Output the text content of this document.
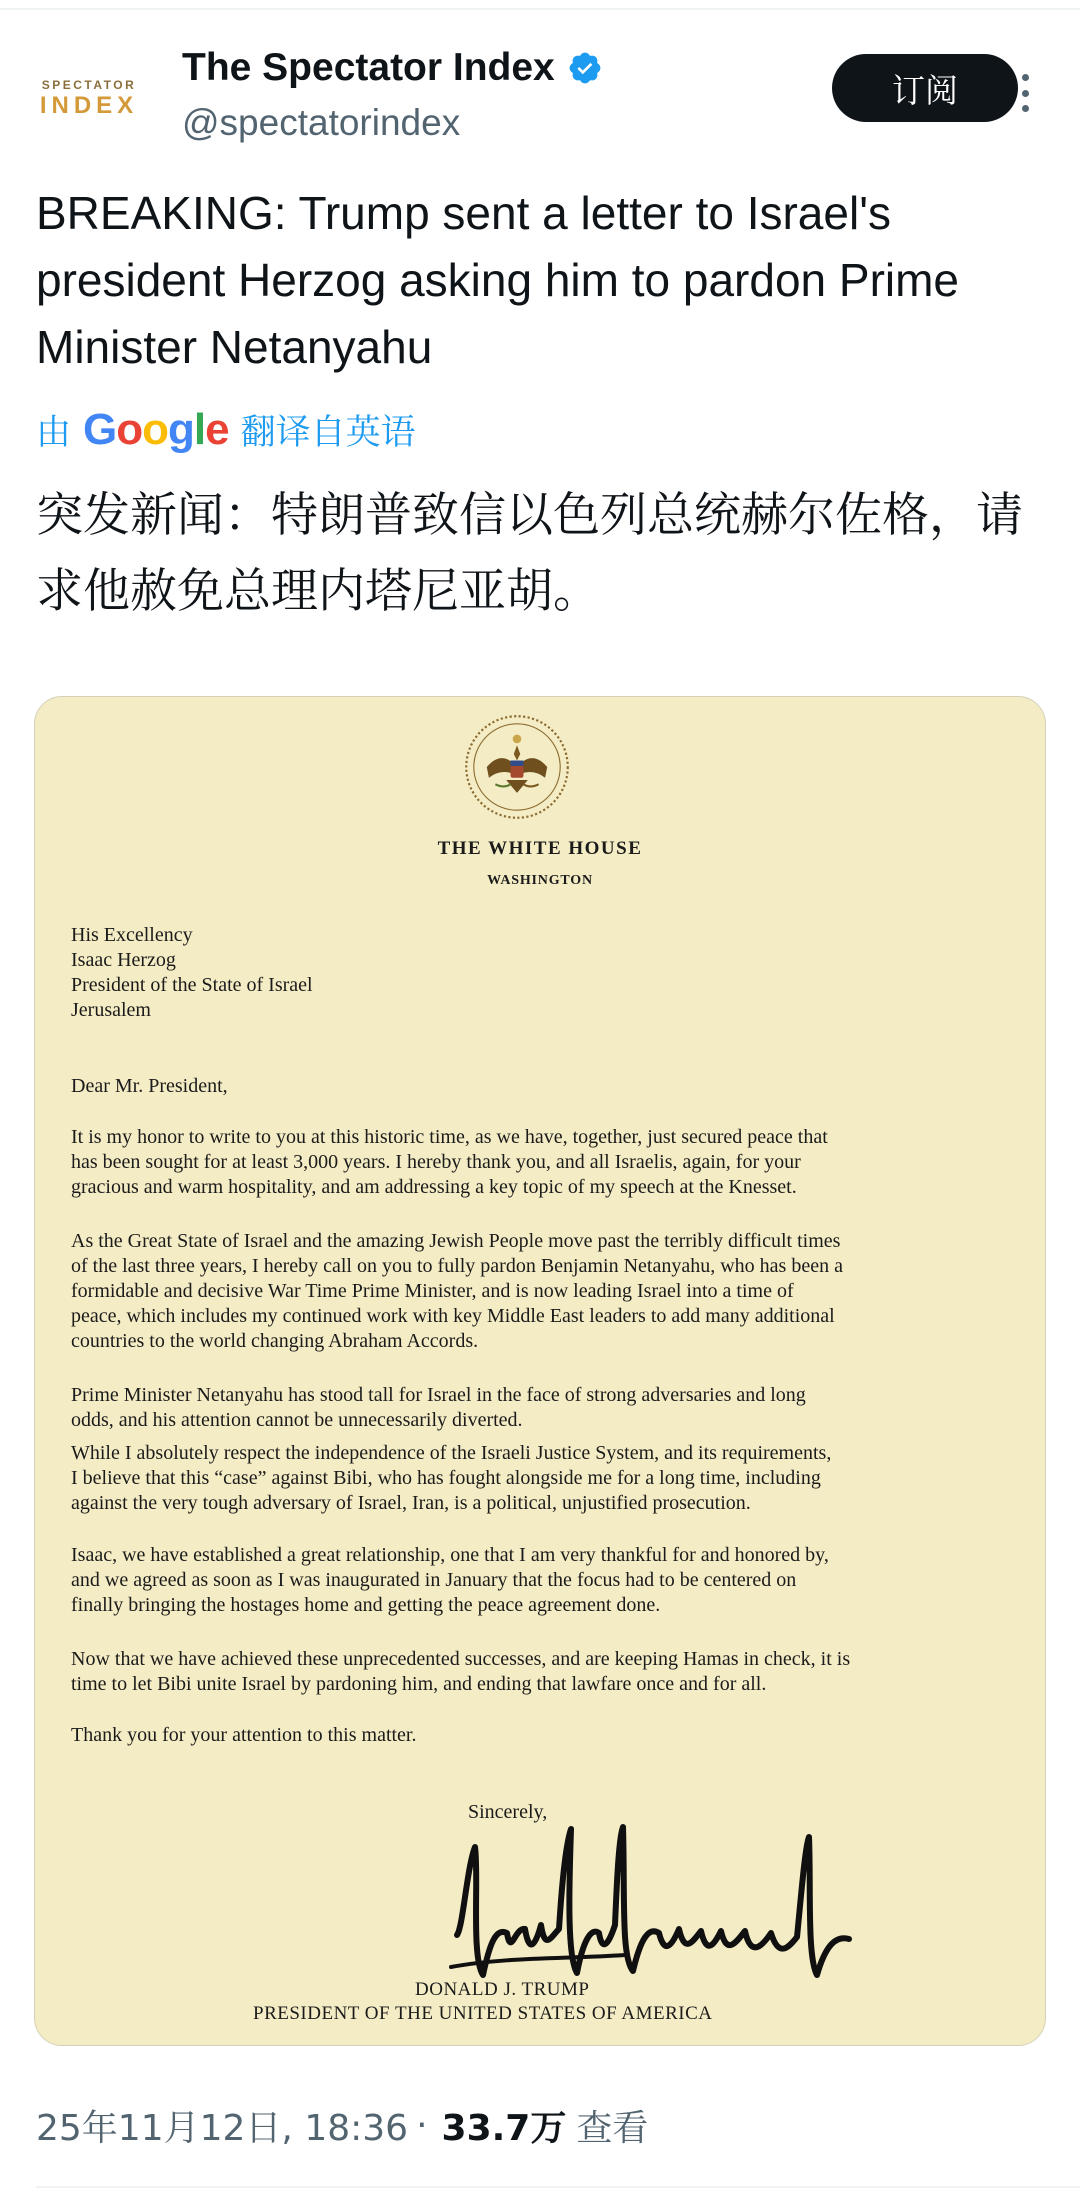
SPECTATOR
INDEX
The Spectator Index
@spectatorindex
订阅
BREAKING: Trump sent a letter to Israel's president Herzog asking him to pardon Prime Minister Netanyahu
由 Google 翻译自英语
突发新闻：特朗普致信以色列总统赫尔佐格，请求他赦免总理内塔尼亚胡。
THE WHITE HOUSE
WASHINGTON
His Excellency
Isaac Herzog
President of the State of Israel
Jerusalem
Dear Mr. President,
It is my honor to write to you at this historic time, as we have, together, just secured peace that
has been sought for at least 3,000 years. I hereby thank you, and all Israelis, again, for your
gracious and warm hospitality, and am addressing a key topic of my speech at the Knesset.
As the Great State of Israel and the amazing Jewish People move past the terribly difficult times
of the last three years, I hereby call on you to fully pardon Benjamin Netanyahu, who has been a
formidable and decisive War Time Prime Minister, and is now leading Israel into a time of
peace, which includes my continued work with key Middle East leaders to add many additional
countries to the world changing Abraham Accords.
Prime Minister Netanyahu has stood tall for Israel in the face of strong adversaries and long
odds, and his attention cannot be unnecessarily diverted.
While I absolutely respect the independence of the Israeli Justice System, and its requirements,
I believe that this “case” against Bibi, who has fought alongside me for a long time, including
against the very tough adversary of Israel, Iran, is a political, unjustified prosecution.
Isaac, we have established a great relationship, one that I am very thankful for and honored by,
and we agreed as soon as I was inaugurated in January that the focus had to be centered on
finally bringing the hostages home and getting the peace agreement done.
Now that we have achieved these unprecedented successes, and are keeping Hamas in check, it is
time to let Bibi unite Israel by pardoning him, and ending that lawfare once and for all.
Thank you for your attention to this matter.
Sincerely,
DONALD J. TRUMP
PRESIDENT OF THE UNITED STATES OF AMERICA
25年11月12日, 18:36 · 33.7万 查看
